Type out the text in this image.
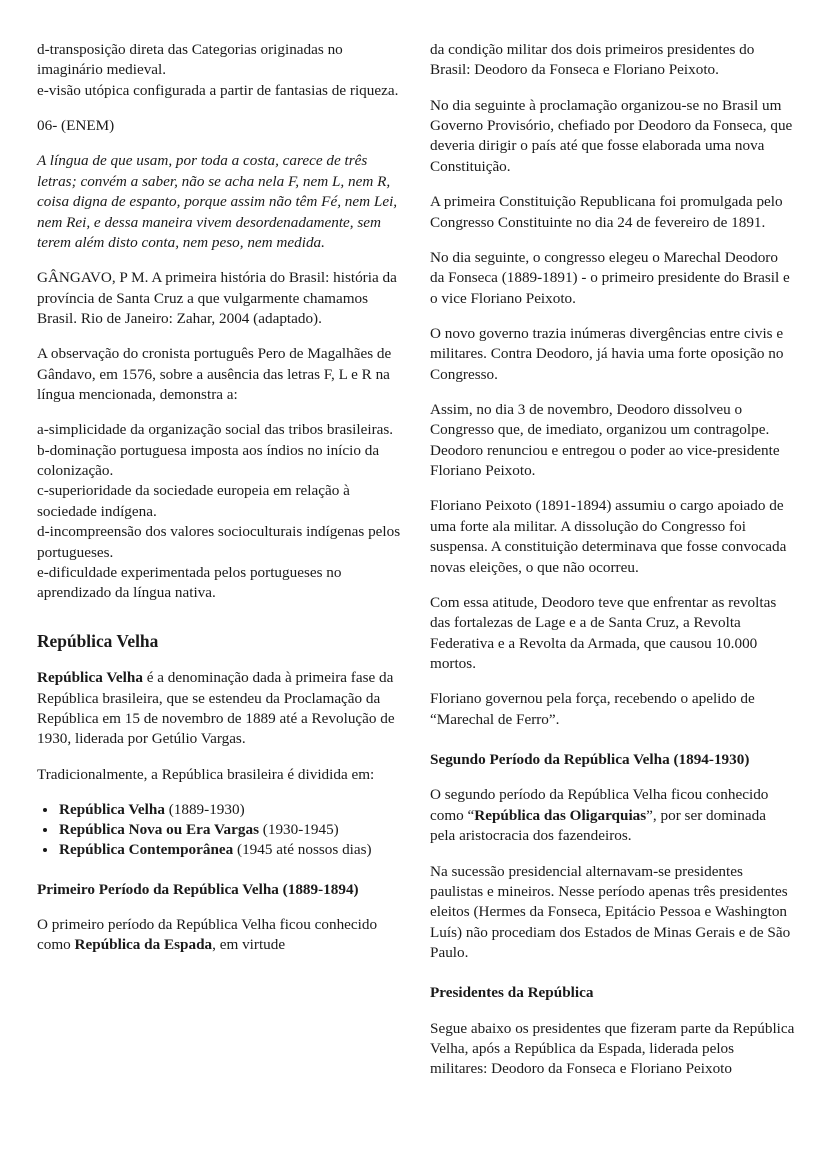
d-transposição direta das Categorias originadas no imaginário medieval.
e-visão utópica configurada a partir de fantasias de riqueza.

06- (ENEM)

A língua de que usam, por toda a costa, carece de três letras; convém a saber, não se acha nela F, nem L, nem R, coisa digna de espanto, porque assim não têm Fé, nem Lei, nem Rei, e dessa maneira vivem desordenadamente, sem terem além disto conta, nem peso, nem medida.

GÂNGAVO, P M. A primeira história do Brasil: história da província de Santa Cruz a que vulgarmente chamamos Brasil. Rio de Janeiro: Zahar, 2004 (adaptado).

A observação do cronista português Pero de Magalhães de Gândavo, em 1576, sobre a ausência das letras F, L e R na língua mencionada, demonstra a:

a-simplicidade da organização social das tribos brasileiras.
b-dominação portuguesa imposta aos índios no início da colonização.
c-superioridade da sociedade europeia em relação à sociedade indígena.
d-incompreensão dos valores socioculturais indígenas pelos portugueses.
e-dificuldade experimentada pelos portugueses no aprendizado da língua nativa.
República Velha

República Velha é a denominação dada à primeira fase da República brasileira, que se estendeu da Proclamação da República em 15 de novembro de 1889 até a Revolução de 1930, liderada por Getúlio Vargas.

Tradicionalmente, a República brasileira é dividida em:

República Velha (1889-1930)
República Nova ou Era Vargas (1930-1945)
República Contemporânea (1945 até nossos dias)
Primeiro Período da República Velha (1889-1894)

O primeiro período da República Velha ficou conhecido como República da Espada, em virtude

da condição militar dos dois primeiros presidentes do Brasil: Deodoro da Fonseca e Floriano Peixoto.

No dia seguinte à proclamação organizou-se no Brasil um Governo Provisório, chefiado por Deodoro da Fonseca, que deveria dirigir o país até que fosse elaborada uma nova Constituição.

A primeira Constituição Republicana foi promulgada pelo Congresso Constituinte no dia 24 de fevereiro de 1891.

No dia seguinte, o congresso elegeu o Marechal Deodoro da Fonseca (1889-1891) - o primeiro presidente do Brasil e o vice Floriano Peixoto.

O novo governo trazia inúmeras divergências entre civis e militares. Contra Deodoro, já havia uma forte oposição no Congresso.

Assim, no dia 3 de novembro, Deodoro dissolveu o Congresso que, de imediato, organizou um contragolpe. Deodoro renunciou e entregou o poder ao vice-presidente Floriano Peixoto.

Floriano Peixoto (1891-1894) assumiu o cargo apoiado de uma forte ala militar. A dissolução do Congresso foi suspensa. A constituição determinava que fosse convocada novas eleições, o que não ocorreu.

Com essa atitude, Deodoro teve que enfrentar as revoltas das fortalezas de Lage e a de Santa Cruz, a Revolta Federativa e a Revolta da Armada, que causou 10.000 mortos.

Floriano governou pela força, recebendo o apelido de “Marechal de Ferro”.

Segundo Período da República Velha (1894-1930)

O segundo período da República Velha ficou conhecido como “República das Oligarquias”, por ser dominada pela aristocracia dos fazendeiros.

Na sucessão presidencial alternavam-se presidentes paulistas e mineiros. Nesse período apenas três presidentes eleitos (Hermes da Fonseca, Epitácio Pessoa e Washington Luís) não procediam dos Estados de Minas Gerais e de São Paulo.

Presidentes da República

Segue abaixo os presidentes que fizeram parte da República Velha, após a República da Espada, liderada pelos militares: Deodoro da Fonseca e Floriano Peixoto
